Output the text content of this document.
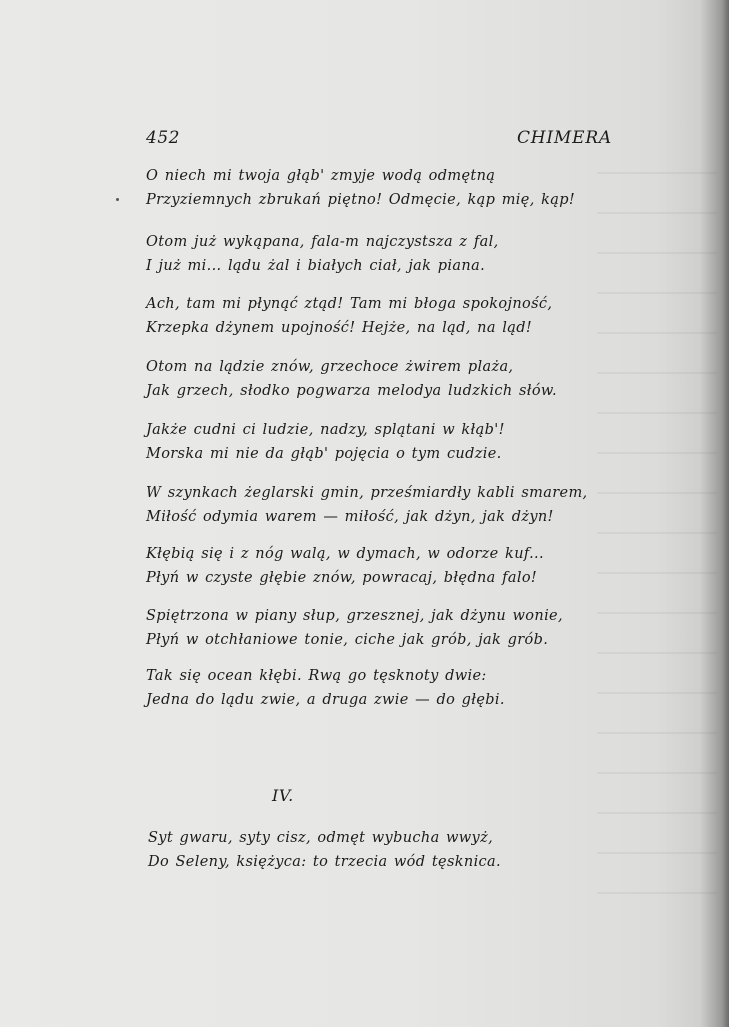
452	CHIMERA
O niech mi twoja głąb' zmyje wodą odmętną
Przyziemnych zbrukań piętno! Odmęcie, kąp mię, kąp!
Otom już wykąpana, fala-m najczystsza z fal,
I już mi... lądu żal i białych ciał, jak piana.
Ach, tam mi płynąć ztąd! Tam mi błoga spokojność,
Krzepka dżynem upojność! Hejże, na ląd, na ląd!
Otom na lądzie znów, grzechoce żwirem plaża,
Jak grzech, słodko pogwarza melodya ludzkich słów.
Jakże cudni ci ludzie, nadzy, splątani w kłąb'!
Morska mi nie da głąb' pojęcia o tym cudzie.
W szynkach żeglarski gmin, prześmiardły kabli smarem,
Miłość odymia warem — miłość, jak dżyn, jak dżyn!
Kłębią się i z nóg walą, w dymach, w odorze kuf...
Płyń w czyste głębie znów, powracaj, błędna falo!
Spiętrzona w piany słup, grzesznej, jak dżynu wonie,
Płyń w otchłaniowe tonie, ciche jak grób, jak grób.
Tak się ocean kłębi. Rwą go tęsknoty dwie:
Jedna do lądu zwie, a druga zwie — do głębi.
IV.
Syt gwaru, syty cisz, odmęt wybucha wwyż,
Do Seleny, księżyca: to trzecia wód tęsknica.
